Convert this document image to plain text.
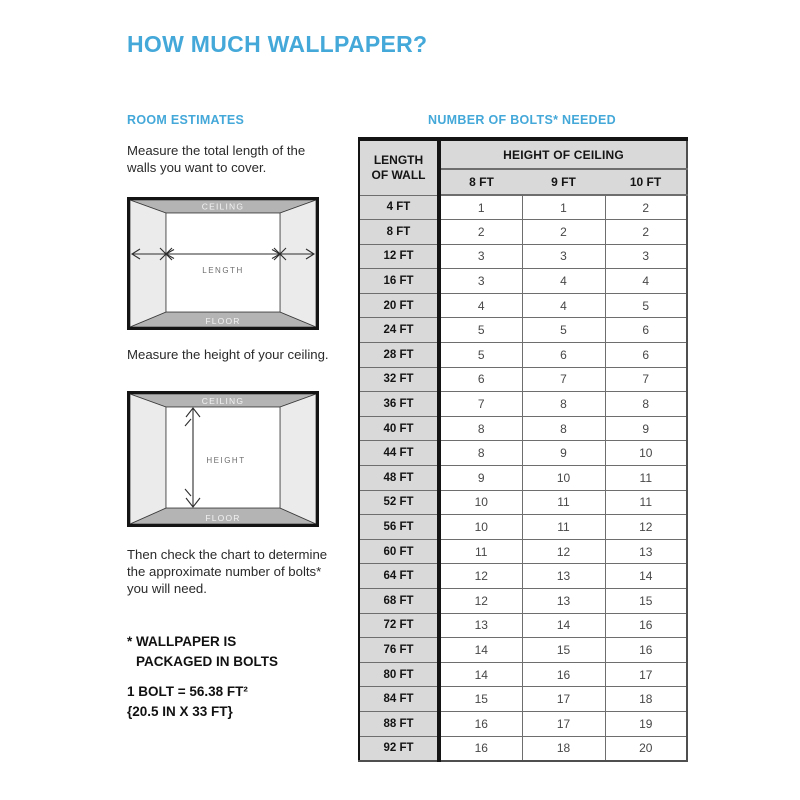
HOW MUCH WALLPAPER?
ROOM ESTIMATES

Measure the total length of the walls you want to cover.

CEILING
FLOOR
LENGTH

Measure the height of your ceiling.

CEILING
FLOOR
HEIGHT

Then check the chart to determine the approximate number of bolts* you will need.

* WALLPAPER IS
PACKAGED IN BOLTS
1 BOLT = 56.38 FT²
{20.5 IN X 33 FT}
NUMBER OF BOLTS* NEEDED
LENGTH OF WALL	HEIGHT OF CEILING		
	8 FT	9 FT	10 FT
4 FT	1	1	2
8 FT	2	2	2
12 FT	3	3	3
16 FT	3	4	4
20 FT	4	4	5
24 FT	5	5	6
28 FT	5	6	6
32 FT	6	7	7
36 FT	7	8	8
40 FT	8	8	9
44 FT	8	9	10
48 FT	9	10	11
52 FT	10	11	11
56 FT	10	11	12
60 FT	11	12	13
64 FT	12	13	14
68 FT	12	13	15
72 FT	13	14	16
76 FT	14	15	16
80 FT	14	16	17
84 FT	15	17	18
88 FT	16	17	19
92 FT	16	18	20
